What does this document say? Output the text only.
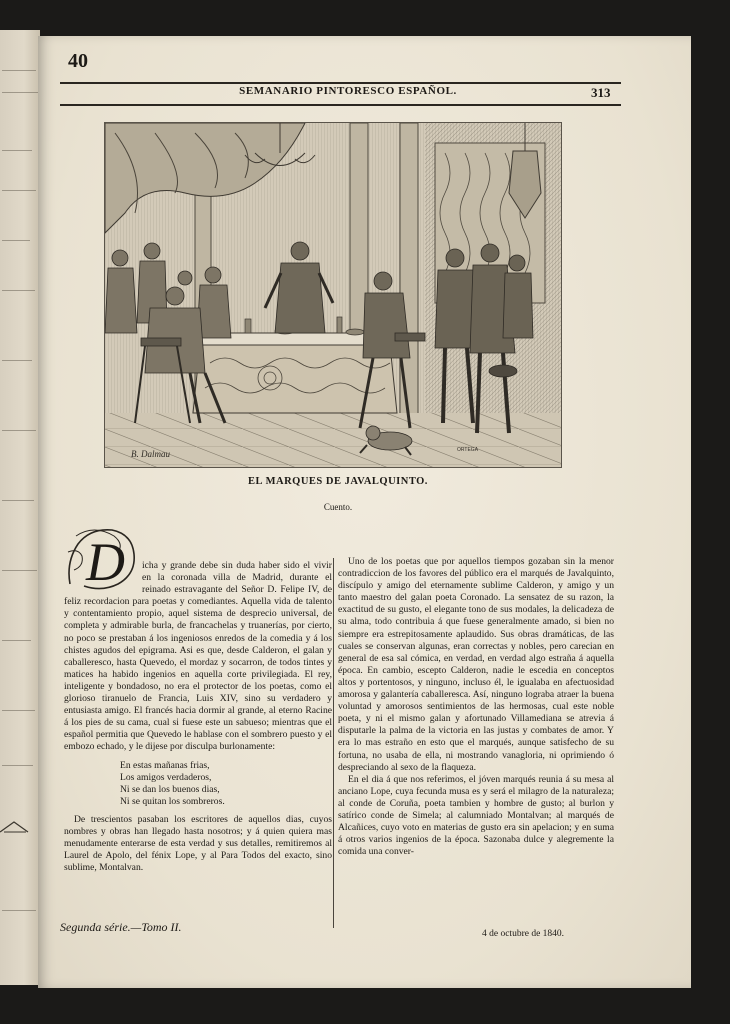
40
SEMANARIO PINTORESCO ESPAÑOL.	313
B. Dalmau	ORTEGA
EL MARQUES DE JAVALQUINTO.
Cuento.
D	icha y grande debe sin duda haber sido el vivir en la coronada villa de Madrid, durante el reinado estravagante del Señor D. Felipe IV, de feliz recordacion para poetas y comediantes. Aquella vida de talento y contentamiento propio, aquel sistema de desprecio universal, de completa y admirable burla, de francachelas y truanerías, por cierto, no poco se prestaban á los ingeniosos enredos de la comedia y á los chistes agudos del epigrama. Asi es que, desde Calderon, el galan y caballeresco, hasta Quevedo, el mordaz y socarron, de todos tintes y matices ha habido ingenios en aquella corte privilegiada. El rey, inteligente y bondadoso, no era el protector de los poetas, como el glorioso tiranuelo de Francia, Luis XIV, sino su verdadero y entusiasta amigo. El francés hacia dormir al grande, al eterno Racine á los pies de su cama, cual si fuese este un sabueso; mientras que el español permitia que Quevedo le hablase con el sombrero puesto y el embozo echado, y le dijese por disculpa burlonamente:

En estas mañanas frias,
Los amigos verdaderos,
Ni se dan los buenos dias,
Ni se quitan los sombreros.

De trescientos pasaban los escritores de aquellos dias, cuyos nombres y obras han llegado hasta nosotros; y á quien quiera mas menudamente enterarse de esta verdad y sus detalles, remitiremos al Laurel de Apolo, del fénix Lope, y al Para Todos del exacto, sino sublime, Montalvan.

Uno de los poetas que por aquellos tiempos gozaban sin la menor contradiccion de los favores del público era el marqués de Javalquinto, discípulo y amigo del eternamente sublime Calderon, y amigo y un tanto maestro del galan poeta Coronado. La sensatez de su razon, la exactitud de su gusto, el elegante tono de sus modales, la delicadeza de su alma, todo contribuia á que fuese generalmente amado, si bien no siempre era estrepitosamente aplaudido. Sus obras dramáticas, de las cuales se conservan algunas, eran correctas y nobles, pero carecian en general de esa sal cómica, en verdad, en verdad algo estraña á aquella época. En cambio, escepto Calderon, nadie le escedia en conceptos altos y portentosos, y ninguno, incluso él, le igualaba en afectuosidad amorosa y galantería caballeresca. Así, ninguno lograba atraer la buena voluntad y amorosos sentimientos de las hermosas, cual este noble poeta, y ni el mismo galan y afortunado Villamediana se atrevia á disputarle la palma de la victoria en las justas y combates de amor. Y era lo mas estraño en esto que el marqués, aunque satisfecho de su fortuna, no usaba de ella, ni mostrando vanagloria, ni oprimiendo ó despreciando al sexo de la flaqueza.

En el dia á que nos referimos, el jóven marqués reunia á su mesa al anciano Lope, cuya fecunda musa es y será el milagro de la naturaleza; al conde de Coruña, poeta tambien y hombre de gusto; al burlon y satírico conde de Simela; al calumniado Montalvan; al marqués de Alcañices, cuyo voto en materias de gusto era sin apelacion; y en suma á otros varios ingenios de la época. Sazonaba dulce y alegremente la comida una conver-

Segunda série.—Tomo II.	4 de octubre de 1840.
